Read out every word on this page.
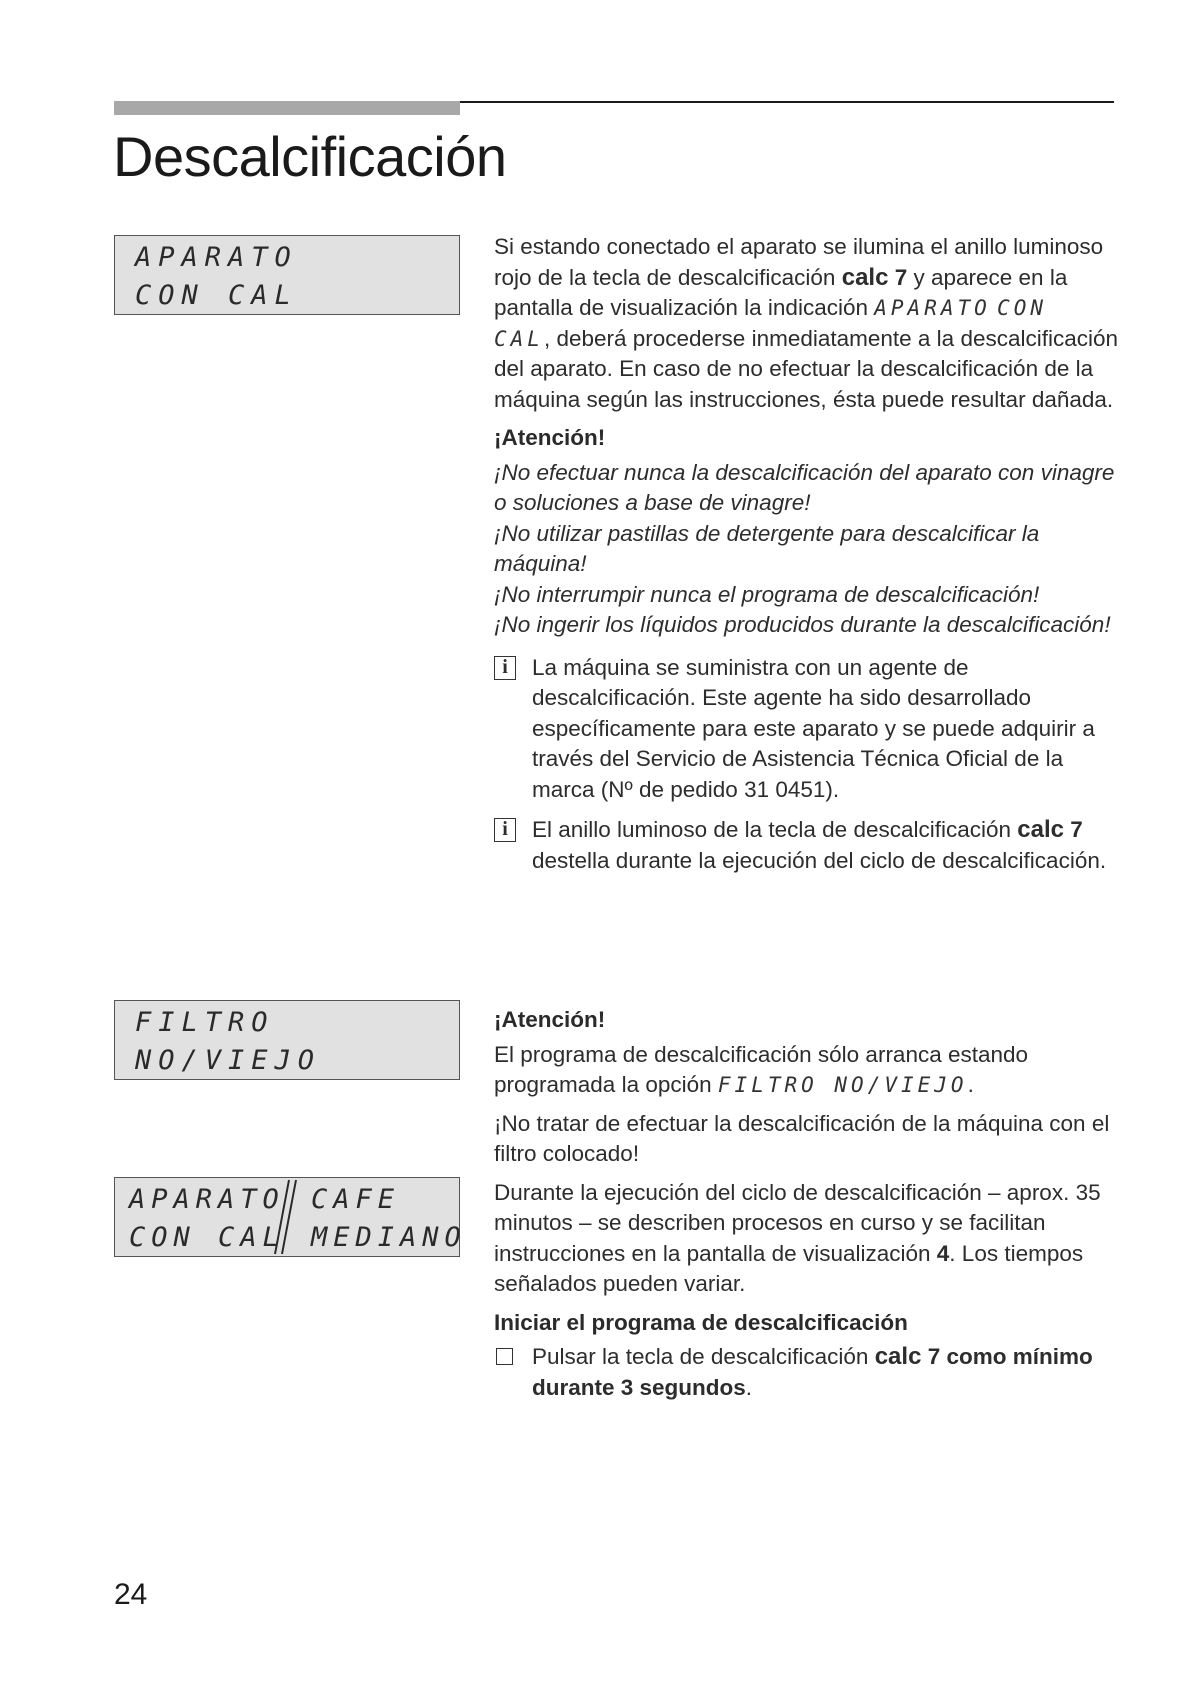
Descalcificación
APARATO
CON CAL
FILTRO
NO/VIEJO
APARATO
CON CAL
CAFE
MEDIANO

Si estando conectado el aparato se ilumina el anillo luminoso rojo de la tecla de descalcificación calc 7 y aparece en la pantalla de visualización la indicación APARATO CON CAL, deberá procederse inmediatamente a la descalcificación del aparato. En caso de no efectuar la descalcificación de la máquina según las instrucciones, ésta puede resultar dañada.

¡Atención!

¡No efectuar nunca la descalcificación del aparato con vinagre o soluciones a base de vinagre!
¡No utilizar pastillas de detergente para descalcificar la máquina!
¡No interrumpir nunca el programa de descalcificación!
¡No ingerir los líquidos producidos durante la descalcificación!
i	La máquina se suministra con un agente de descalcificación. Este agente ha sido desarrollado específicamente para este aparato y se puede adquirir a través del Servicio de Asistencia Técnica Oficial de la marca (Nº de pedido 31 0451).
i	El anillo luminoso de la tecla de descalcificación calc 7 destella durante la ejecución del ciclo de descalcificación.

¡Atención!

El programa de descalcificación sólo arranca estando programada la opción FILTRO NO/VIEJO.

¡No tratar de efectuar la descalcificación de la máquina con el filtro colocado!

Durante la ejecución del ciclo de descalcificación – aprox. 35 minutos – se describen procesos en curso y se facilitan instrucciones en la pantalla de visualización 4. Los tiempos señalados pueden variar.

Iniciar el programa de descalcificación

Pulsar la tecla de descalcificación calc 7 como mínimo durante 3 segundos.
24
